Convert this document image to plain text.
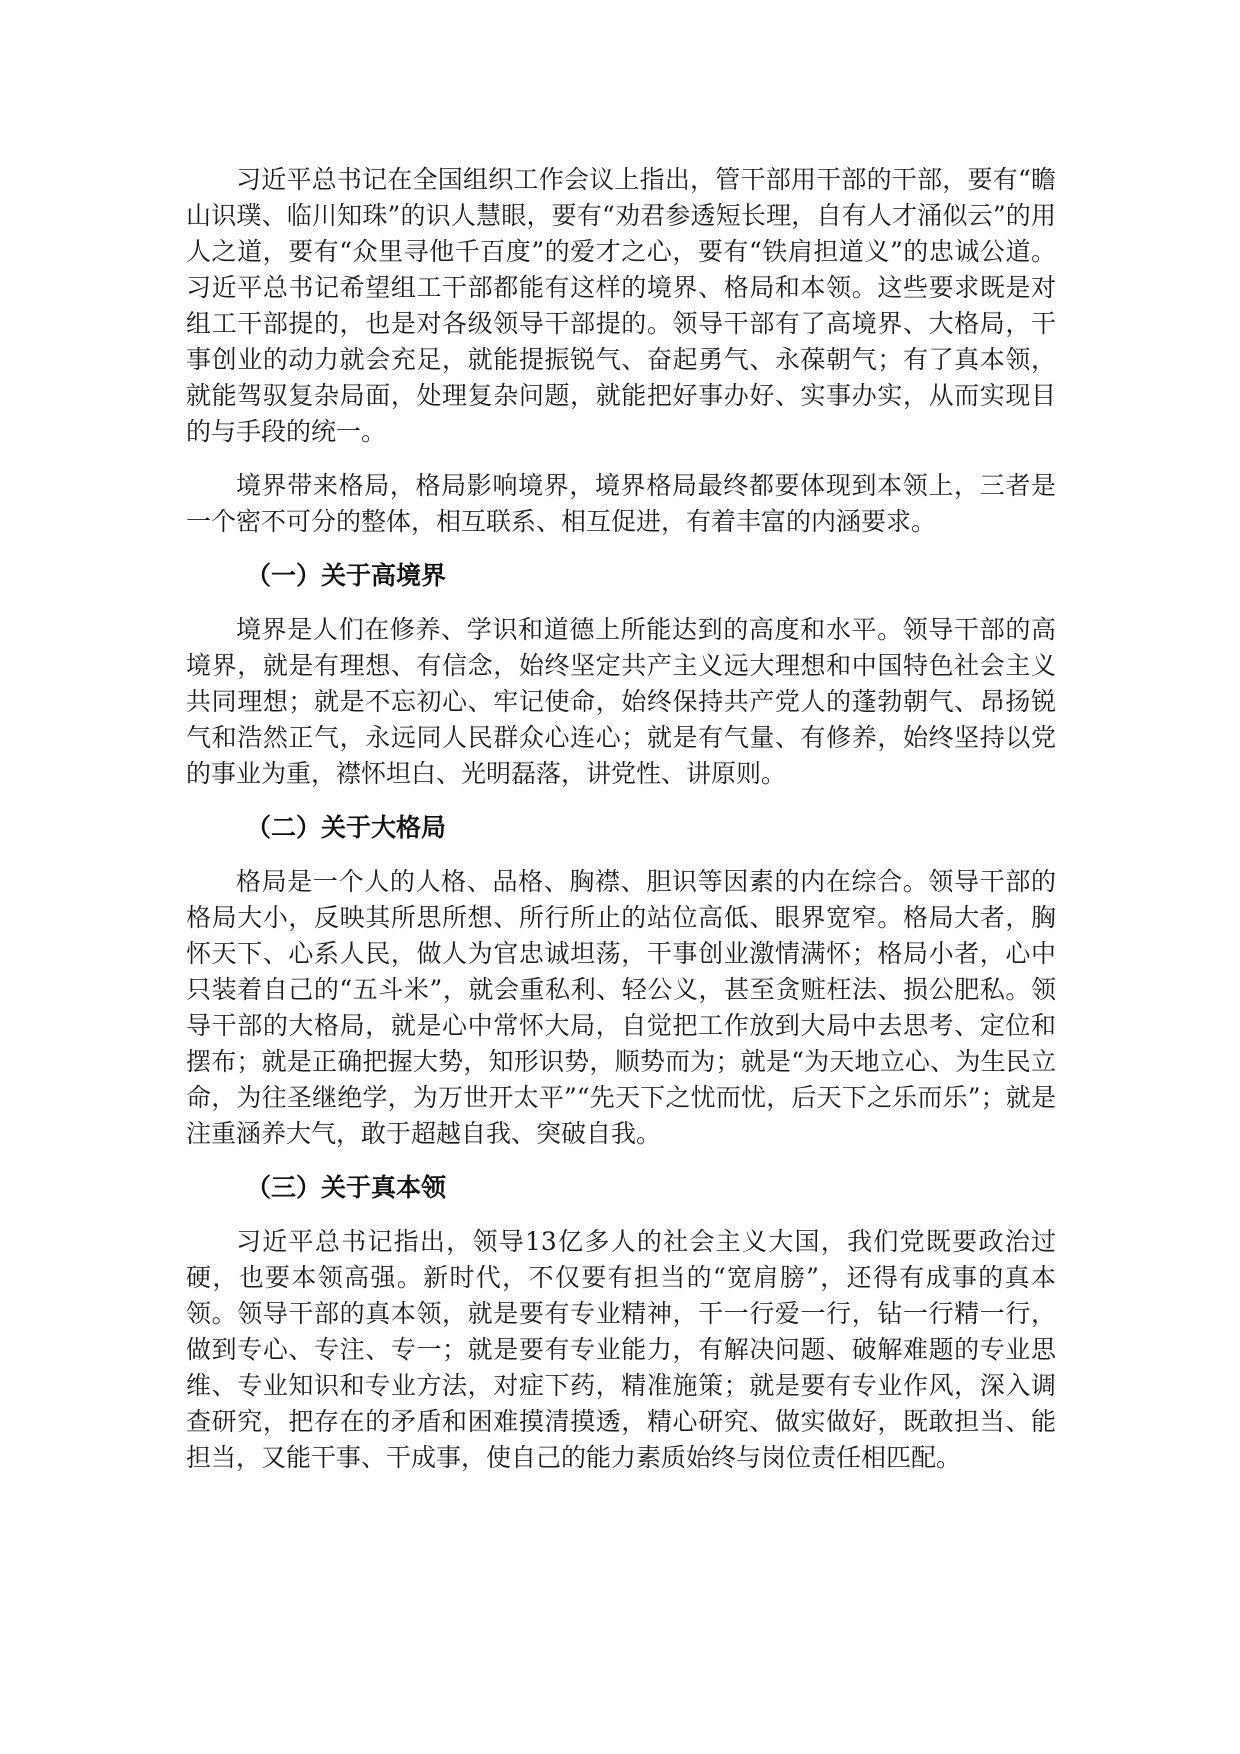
习近平总书记在全国组织工作会议上指出，管干部用干部的干部，要有“瞻山识璞、临川知珠”的识人慧眼，要有“劝君参透短长理，自有人才涌似云”的用人之道，要有“众里寻他千百度”的爱才之心，要有“铁肩担道义”的忠诚公道。习近平总书记希望组工干部都能有这样的境界、格局和本领。这些要求既是对组工干部提的，也是对各级领导干部提的。领导干部有了高境界、大格局，干事创业的动力就会充足，就能提振锐气、奋起勇气、永葆朝气；有了真本领，就能驾驭复杂局面，处理复杂问题，就能把好事办好、实事办实，从而实现目的与手段的统一。

境界带来格局，格局影响境界，境界格局最终都要体现到本领上，三者是一个密不可分的整体，相互联系、相互促进，有着丰富的内涵要求。

（一）关于高境界

境界是人们在修养、学识和道德上所能达到的高度和水平。领导干部的高境界，就是有理想、有信念，始终坚定共产主义远大理想和中国特色社会主义共同理想；就是不忘初心、牢记使命，始终保持共产党人的蓬勃朝气、昂扬锐气和浩然正气，永远同人民群众心连心；就是有气量、有修养，始终坚持以党的事业为重，襟怀坦白、光明磊落，讲党性、讲原则。

（二）关于大格局

格局是一个人的人格、品格、胸襟、胆识等因素的内在综合。领导干部的格局大小，反映其所思所想、所行所止的站位高低、眼界宽窄。格局大者，胸怀天下、心系人民，做人为官忠诚坦荡，干事创业激情满怀；格局小者，心中只装着自己的“五斗米”，就会重私利、轻公义，甚至贪赃枉法、损公肥私。领导干部的大格局，就是心中常怀大局，自觉把工作放到大局中去思考、定位和摆布；就是正确把握大势，知形识势，顺势而为；就是“为天地立心、为生民立命，为往圣继绝学，为万世开太平”“先天下之忧而忧，后天下之乐而乐”；就是注重涵养大气，敢于超越自我、突破自我。

（三）关于真本领

习近平总书记指出，领导13亿多人的社会主义大国，我们党既要政治过硬，也要本领高强。新时代，不仅要有担当的“宽肩膀”，还得有成事的真本领。领导干部的真本领，就是要有专业精神，干一行爱一行，钻一行精一行，做到专心、专注、专一；就是要有专业能力，有解决问题、破解难题的专业思维、专业知识和专业方法，对症下药，精准施策；就是要有专业作风，深入调查研究，把存在的矛盾和困难摸清摸透，精心研究、做实做好，既敢担当、能担当，又能干事、干成事，使自己的能力素质始终与岗位责任相匹配。
